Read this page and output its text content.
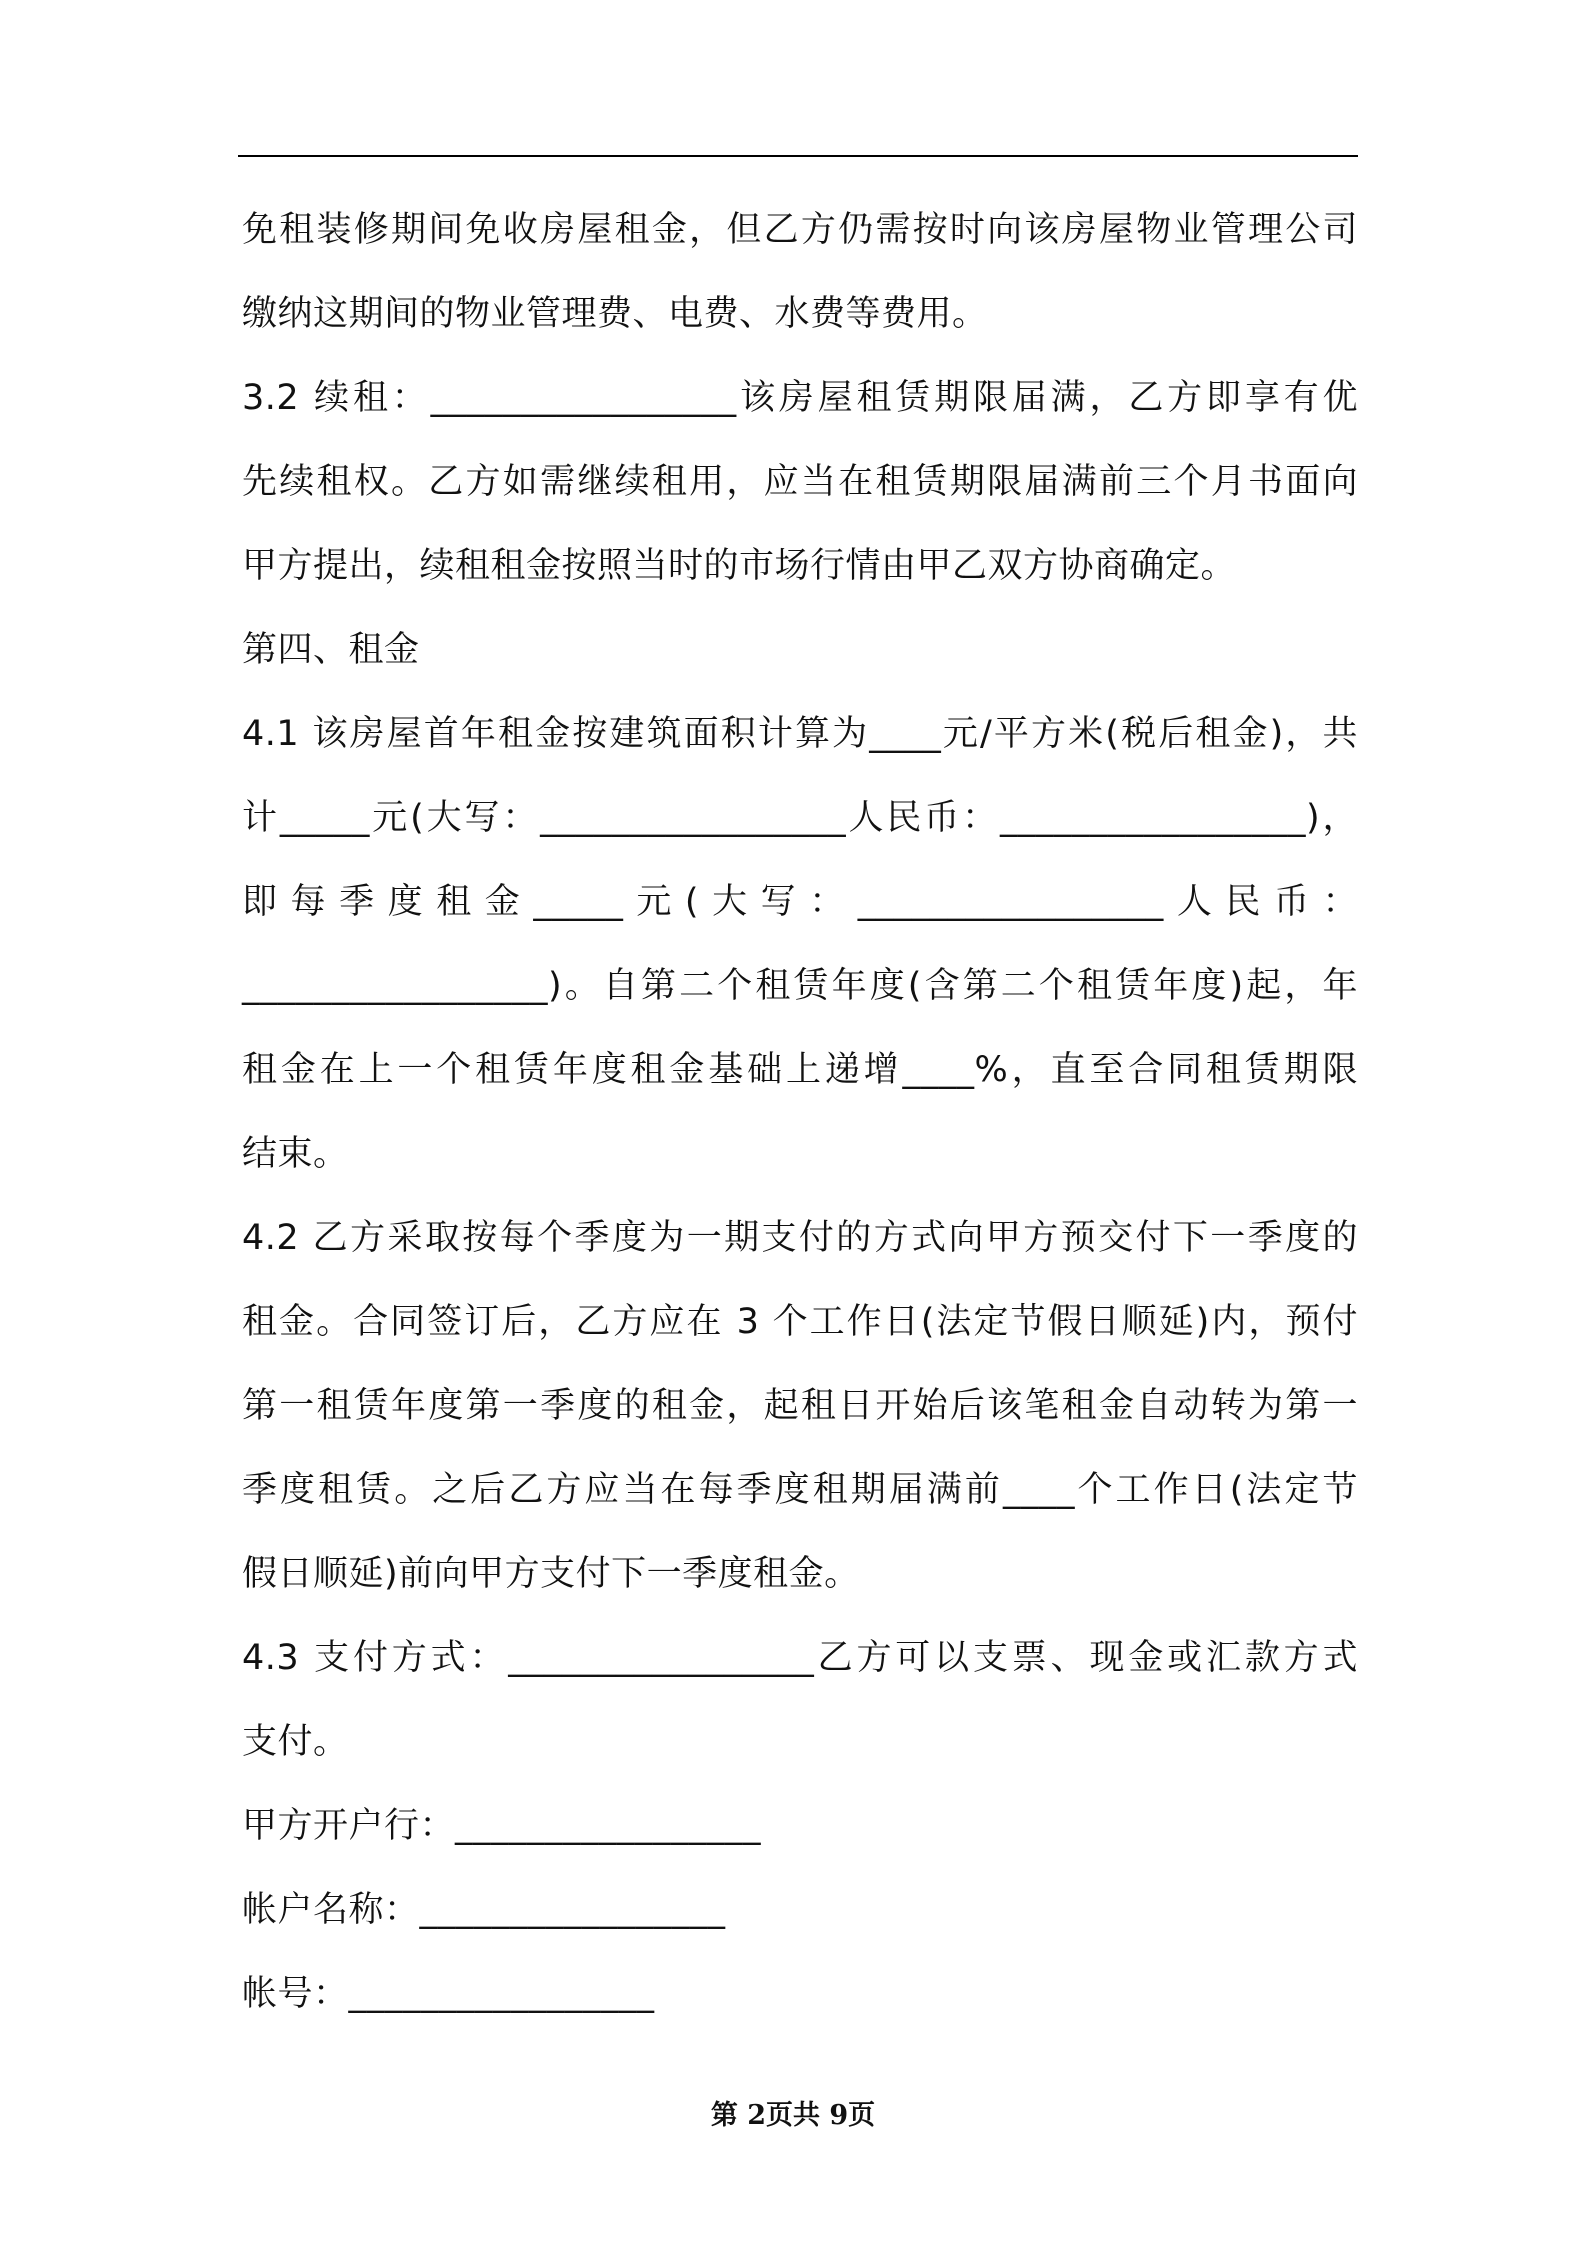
免租装修期间免收房屋租金，但乙方仍需按时向该房屋物业管理公司
缴纳这期间的物业管理费、电费、水费等费用。
3.2 续租：_________________该房屋租赁期限届满，乙方即享有优
先续租权。乙方如需继续租用，应当在租赁期限届满前三个月书面向
甲方提出，续租租金按照当时的市场行情由甲乙双方协商确定。
第四、租金
4.1 该房屋首年租金按建筑面积计算为____元/平方米(税后租金)，共
计_____元(大写：_________________人民币：_________________)，
即每季度租金_____元(大写：_________________人民币：
_________________)。自第二个租赁年度(含第二个租赁年度)起，年
租金在上一个租赁年度租金基础上递增____%，直至合同租赁期限
结束。
4.2 乙方采取按每个季度为一期支付的方式向甲方预交付下一季度的
租金。合同签订后，乙方应在 3 个工作日(法定节假日顺延)内，预付
第一租赁年度第一季度的租金，起租日开始后该笔租金自动转为第一
季度租赁。之后乙方应当在每季度租期届满前____个工作日(法定节
假日顺延)前向甲方支付下一季度租金。
4.3 支付方式：_________________乙方可以支票、现金或汇款方式
支付。
甲方开户行：_________________
帐户名称：_________________
帐号：_________________
第 2页共 9页
